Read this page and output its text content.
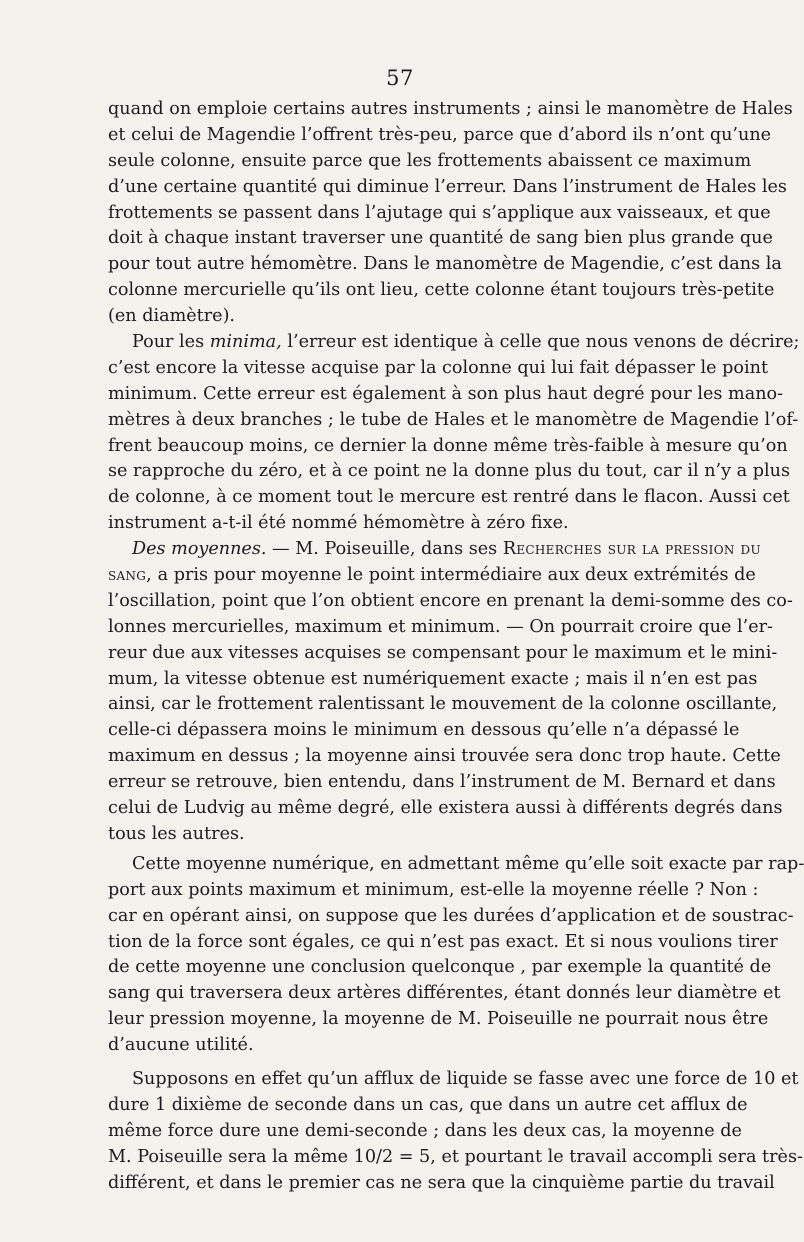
57
quand on emploie certains autres instruments ; ainsi le manomètre de Hales
et celui de Magendie l’offrent très-peu, parce que d’abord ils n’ont qu’une
seule colonne, ensuite parce que les frottements abaissent ce maximum
d’une certaine quantité qui diminue l’erreur. Dans l’instrument de Hales les
frottements se passent dans l’ajutage qui s’applique aux vaisseaux, et que
doit à chaque instant traverser une quantité de sang bien plus grande que
pour tout autre hémomètre. Dans le manomètre de Magendie, c’est dans la
colonne mercurielle qu’ils ont lieu, cette colonne étant toujours très-petite
(en diamètre).
Pour les minima, l’erreur est identique à celle que nous venons de décrire;
c’est encore la vitesse acquise par la colonne qui lui fait dépasser le point
minimum. Cette erreur est également à son plus haut degré pour les mano-
mètres à deux branches ; le tube de Hales et le manomètre de Magendie l’of-
frent beaucoup moins, ce dernier la donne même très-faible à mesure qu’on
se rapproche du zéro, et à ce point ne la donne plus du tout, car il n’y a plus
de colonne, à ce moment tout le mercure est rentré dans le flacon. Aussi cet
instrument a-t-il été nommé hémomètre à zéro fixe.
Des moyennes. — M. Poiseuille, dans ses Recherches sur la pression du
sang, a pris pour moyenne le point intermédiaire aux deux extrémités de
l’oscillation, point que l’on obtient encore en prenant la demi-somme des co-
lonnes mercurielles, maximum et minimum. — On pourrait croire que l’er-
reur due aux vitesses acquises se compensant pour le maximum et le mini-
mum, la vitesse obtenue est numériquement exacte ; mais il n’en est pas
ainsi, car le frottement ralentissant le mouvement de la colonne oscillante,
celle-ci dépassera moins le minimum en dessous qu’elle n’a dépassé le
maximum en dessus ; la moyenne ainsi trouvée sera donc trop haute. Cette
erreur se retrouve, bien entendu, dans l’instrument de M. Bernard et dans
celui de Ludvig au même degré, elle existera aussi à différents degrés dans
tous les autres.
Cette moyenne numérique, en admettant même qu’elle soit exacte par rap-
port aux points maximum et minimum, est-elle la moyenne réelle ? Non :
car en opérant ainsi, on suppose que les durées d’application et de soustrac-
tion de la force sont égales, ce qui n’est pas exact. Et si nous voulions tirer
de cette moyenne une conclusion quelconque , par exemple la quantité de
sang qui traversera deux artères différentes, étant donnés leur diamètre et
leur pression moyenne, la moyenne de M. Poiseuille ne pourrait nous être
d’aucune utilité.
Supposons en effet qu’un afflux de liquide se fasse avec une force de 10 et
dure 1 dixième de seconde dans un cas, que dans un autre cet afflux de
même force dure une demi-seconde ; dans les deux cas, la moyenne de
M. Poiseuille sera la même 10/2 = 5, et pourtant le travail accompli sera très-
différent, et dans le premier cas ne sera que la cinquième partie du travail
